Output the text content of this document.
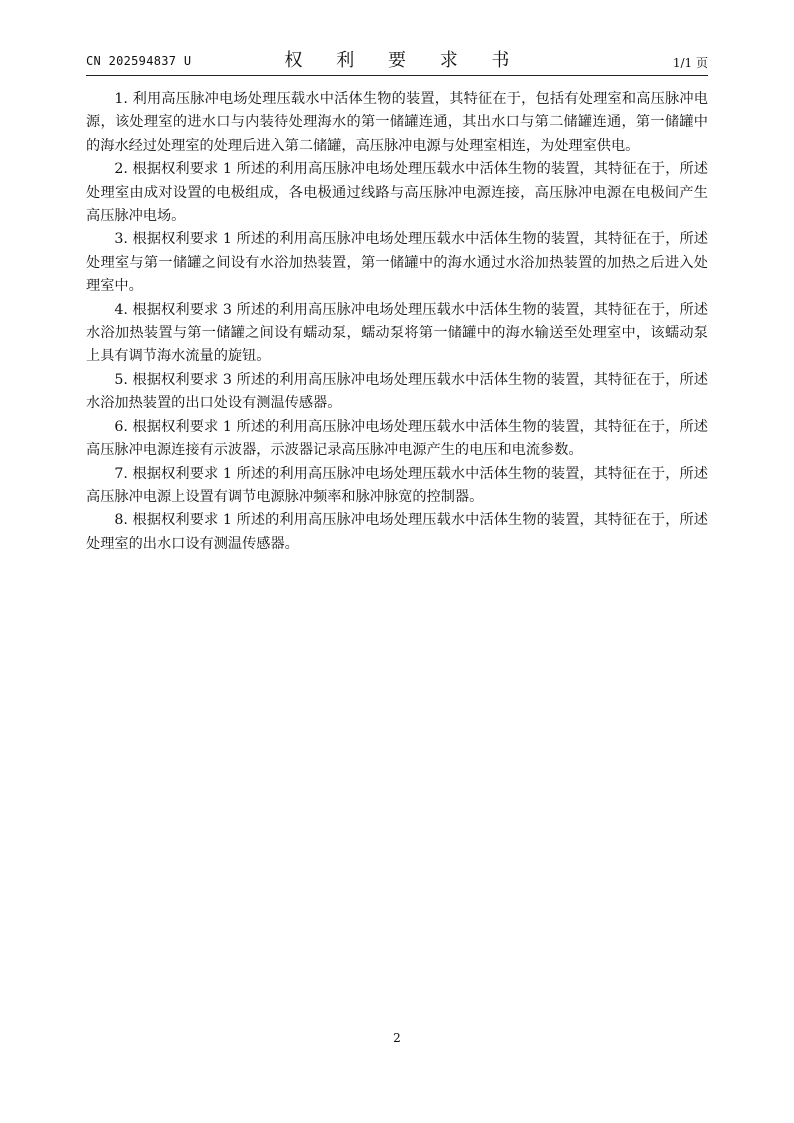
CN 202594837 U	权 利 要 求 书	1/1 页

1. 利用高压脉冲电场处理压载水中活体生物的装置，其特征在于，包括有处理室和高压脉冲电源，该处理室的进水口与内装待处理海水的第一储罐连通，其出水口与第二储罐连通，第一储罐中的海水经过处理室的处理后进入第二储罐，高压脉冲电源与处理室相连，为处理室供电。

2. 根据权利要求 1 所述的利用高压脉冲电场处理压载水中活体生物的装置，其特征在于，所述处理室由成对设置的电极组成，各电极通过线路与高压脉冲电源连接，高压脉冲电源在电极间产生高压脉冲电场。

3. 根据权利要求 1 所述的利用高压脉冲电场处理压载水中活体生物的装置，其特征在于，所述处理室与第一储罐之间设有水浴加热装置，第一储罐中的海水通过水浴加热装置的加热之后进入处理室中。

4. 根据权利要求 3 所述的利用高压脉冲电场处理压载水中活体生物的装置，其特征在于，所述水浴加热装置与第一储罐之间设有蠕动泵，蠕动泵将第一储罐中的海水输送至处理室中，该蠕动泵上具有调节海水流量的旋钮。

5. 根据权利要求 3 所述的利用高压脉冲电场处理压载水中活体生物的装置，其特征在于，所述水浴加热装置的出口处设有测温传感器。

6. 根据权利要求 1 所述的利用高压脉冲电场处理压载水中活体生物的装置，其特征在于，所述高压脉冲电源连接有示波器，示波器记录高压脉冲电源产生的电压和电流参数。

7. 根据权利要求 1 所述的利用高压脉冲电场处理压载水中活体生物的装置，其特征在于，所述高压脉冲电源上设置有调节电源脉冲频率和脉冲脉宽的控制器。

8. 根据权利要求 1 所述的利用高压脉冲电场处理压载水中活体生物的装置，其特征在于，所述处理室的出水口设有测温传感器。

2
